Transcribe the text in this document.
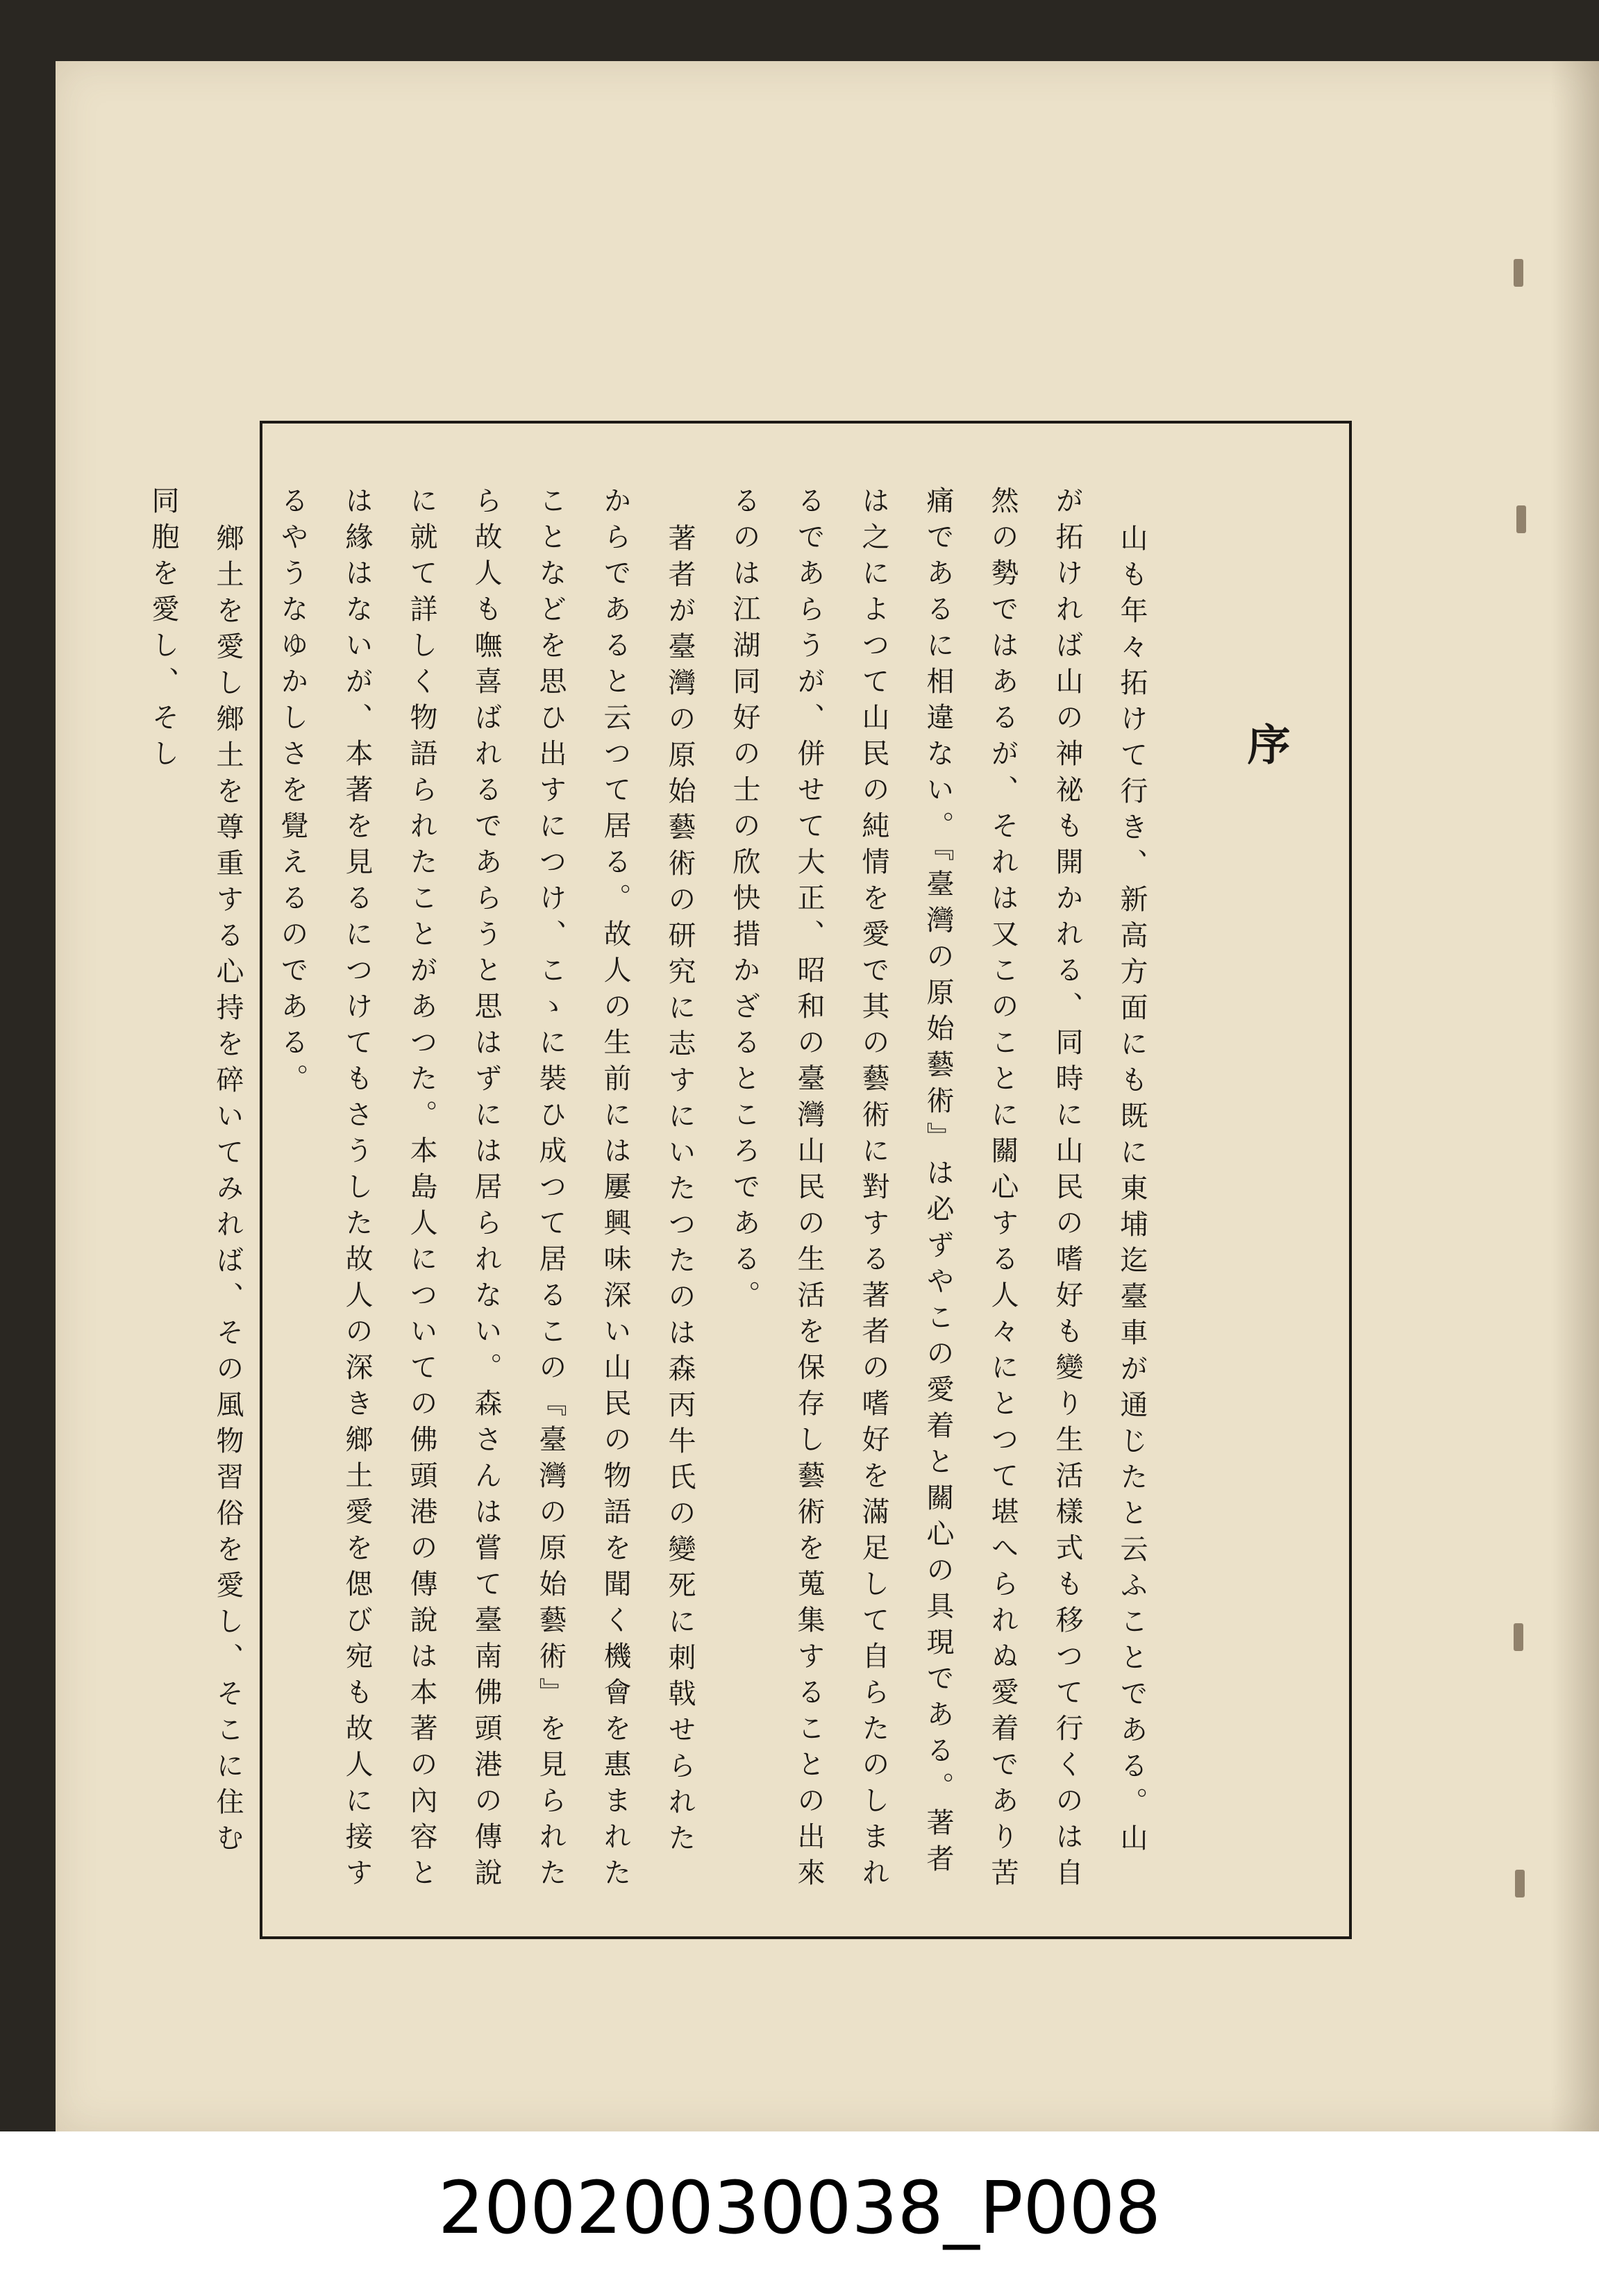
序

山も年々拓けて行き、新高方面にも既に東埔迄臺車が通じたと云ふことである。山が拓ければ山の神祕も開かれる、同時に山民の嗜好も變り生活樣式も移つて行くのは自然の勢ではあるが、それは又このことに關心する人々にとつて堪へられぬ愛着であり苦痛であるに相違ない。『臺灣の原始藝術』は必ずやこの愛着と關心の具現である。著者は之によつて山民の純情を愛で其の藝術に對する著者の嗜好を滿足して自らたのしまれるであらうが、併せて大正、昭和の臺灣山民の生活を保存し藝術を蒐集することの出來るのは江湖同好の士の欣快措かざるところである。

著者が臺灣の原始藝術の研究に志すにいたつたのは森丙牛氏の變死に刺戟せられたからであると云つて居る。故人の生前には屢興味深い山民の物語を聞く機會を惠まれたことなどを思ひ出すにつけ、こゝに裝ひ成つて居るこの『臺灣の原始藝術』を見られたら故人も嘸喜ばれるであらうと思はずには居られない。森さんは嘗て臺南佛頭港の傳說に就て詳しく物語られたことがあつた。本島人についての佛頭港の傳說は本著の內容とは緣はないが、本著を見るにつけてもさうした故人の深き鄉土愛を偲び宛も故人に接するやうなゆかしさを覺えるのである。

鄉土を愛し鄉土を尊重する心持を碎いてみれば、その風物習俗を愛し、そこに住む同胞を愛し、そし

20020030038_P008
